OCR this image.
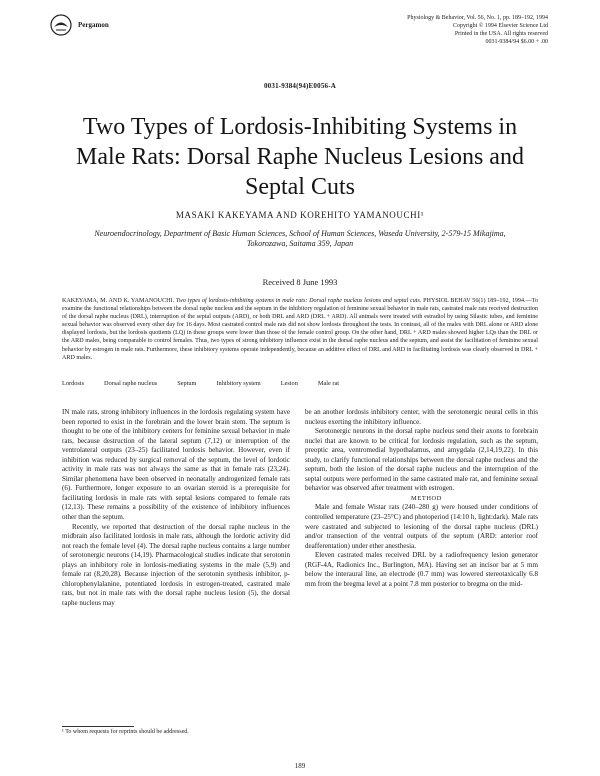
Pergamon
Physiology & Behavior, Vol. 56, No. 1, pp. 189–192, 1994
Copyright © 1994 Elsevier Science Ltd
Printed in the USA. All rights reserved
0031-9384/94 $6.00 + .00
0031-9384(94)E0056-A
Two Types of Lordosis-Inhibiting Systems in Male Rats: Dorsal Raphe Nucleus Lesions and Septal Cuts
MASAKI KAKEYAMA AND KOREHITO YAMANOUCHI¹
Neuroendocrinology, Department of Basic Human Sciences, School of Human Sciences, Waseda University, 2-579-15 Mikajima, Tokorozawa, Saitama 359, Japan
Received 8 June 1993

KAKEYAMA, M. AND K. YAMANOUCHI. Two types of lordosis-inhibiting systems in male rats: Dorsal raphe nucleus lesions and septal cuts. PHYSIOL BEHAV 56(1) 189–192, 1994.—To examine the functional relationships between the dorsal raphe nucleus and the septum in the inhibitory regulation of feminine sexual behavior in male rats, castrated male rats received destruction of the dorsal raphe nucleus (DRL), interruption of the septal outputs (ARD), or both DRL and ARD (DRL + ARD). All animals were treated with estradiol by using Silastic tubes, and feminine sexual behavior was observed every other day for 16 days. Most castrated control male rats did not show lordosis throughout the tests. In contrast, all of the males with DRL alone or ARD alone displayed lordosis, but the lordosis quotients (LQ) in these groups were lower than those of the female control group. On the other hand, DRL + ARD males showed higher LQs than the DRL or the ARD males, being comparable to control females. Thus, two types of strong inhibitory influence exist in the dorsal raphe nucleus and the septum, and assist the facilitation of feminine sexual behavior by estrogen in male rats. Furthermore, these inhibitory systems operate independently, because an additive effect of DRL and ARD in facilitating lordosis was clearly observed in DRL + ARD males.

Lordosis	Dorsal raphe nucleus	Septum	Inhibitory system	Lesion	Male rat

IN male rats, strong inhibitory influences in the lordosis regulating system have been reported to exist in the forebrain and the lower brain stem. The septum is thought to be one of the inhibitory centers for feminine sexual behavior in male rats, because destruction of the lateral septum (7,12) or interruption of the ventrolateral outputs (23–25) facilitated lordosis behavior. However, even if inhibition was reduced by surgical removal of the septum, the level of lordotic activity in male rats was not always the same as that in female rats (23,24). Similar phenomena have been observed in neonatally androgenized female rats (6). Furthermore, longer exposure to an ovarian steroid is a prerequisite for facilitating lordosis in male rats with septal lesions compared to female rats (12,13). These remains a possibility of the existence of inhibitory influences other than the septum.

Recently, we reported that destruction of the dorsal raphe nucleus in the midbrain also facilitated lordosis in male rats, although the lordotic activity did not reach the female level (4). The dorsal raphe nucleus contains a large number of serotonergic neurons (14,19). Pharmacological studies indicate that serotonin plays an inhibitory role in lordosis-mediating systems in the male (5,9) and female rat (8,20,28). Because injection of the serotonin synthesis inhibitor, p-chlorophenylalanine, potentiated lordosis in estrogen-treated, castrated male rats, but not in male rats with the dorsal raphe nucleus lesion (5), the dorsal raphe nucleus may

be an another lordosis inhibitory center, with the serotonergic neural cells in this nucleus exerting the inhibitory influence.

Serotonergic neurons in the dorsal raphe nucleus send their axons to forebrain nuclei that are known to be critical for lordosis regulation, such as the septum, preoptic area, ventromedial hypothalamus, and amygdala (2,14,19,22). In this study, to clarify functional relationships between the dorsal raphe nucleus and the septum, both the lesion of the dorsal raphe nucleus and the interruption of the septal outputs were performed in the same castrated male rat, and feminine sexual behavior was observed after treatment with estrogen.

METHOD

Male and female Wistar rats (240–280 g) were housed under conditions of controlled temperature (23–25°C) and photoperiod (14:10 h, light:dark). Male rats were castrated and subjected to lesioning of the dorsal raphe nucleus (DRL) and/or transection of the ventral outputs of the septum (ARD: anterior roof deafferentation) under ether anesthesia.

Eleven castrated males received DRL by a radiofrequency lesion generator (RGF-4A, Radionics Inc., Burlington, MA). Having set an incisor bar at 5 mm below the interaural line, an electrode (0.7 mm) was lowered stereotaxically 6.8 mm from the bregma level at a point 7.8 mm posterior to bregma on the mid-

¹ To whom requests for reprints should be addressed.
189
